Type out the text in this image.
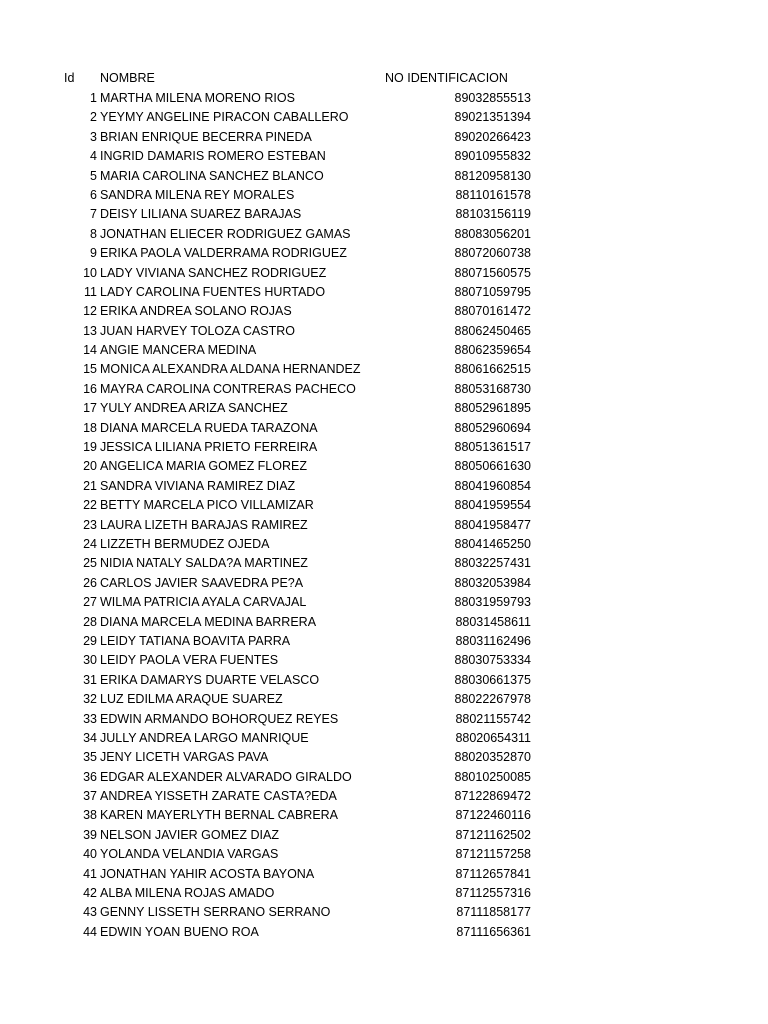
Id NOMBRE	NO IDENTIFICACION
1 MARTHA MILENA MORENO RIOS	89032855513
2 YEYMY ANGELINE PIRACON CABALLERO	89021351394
3 BRIAN ENRIQUE BECERRA PINEDA	89020266423
4 INGRID DAMARIS ROMERO ESTEBAN	89010955832
5 MARIA CAROLINA SANCHEZ BLANCO	88120958130
6 SANDRA MILENA REY MORALES	88110161578
7 DEISY LILIANA SUAREZ BARAJAS	88103156119
8 JONATHAN ELIECER RODRIGUEZ GAMAS	88083056201
9 ERIKA PAOLA VALDERRAMA RODRIGUEZ	88072060738
10 LADY VIVIANA SANCHEZ RODRIGUEZ	88071560575
11 LADY CAROLINA FUENTES HURTADO	88071059795
12 ERIKA ANDREA SOLANO ROJAS	88070161472
13 JUAN HARVEY TOLOZA CASTRO	88062450465
14 ANGIE MANCERA MEDINA	88062359654
15 MONICA ALEXANDRA ALDANA HERNANDEZ	88061662515
16 MAYRA CAROLINA CONTRERAS PACHECO	88053168730
17 YULY ANDREA ARIZA SANCHEZ	88052961895
18 DIANA MARCELA RUEDA TARAZONA	88052960694
19 JESSICA LILIANA PRIETO FERREIRA	88051361517
20 ANGELICA MARIA GOMEZ FLOREZ	88050661630
21 SANDRA VIVIANA RAMIREZ DIAZ	88041960854
22 BETTY MARCELA PICO VILLAMIZAR	88041959554
23 LAURA LIZETH BARAJAS RAMIREZ	88041958477
24 LIZZETH BERMUDEZ OJEDA	88041465250
25 NIDIA NATALY SALDA?A MARTINEZ	88032257431
26 CARLOS JAVIER SAAVEDRA PE?A	88032053984
27 WILMA PATRICIA AYALA CARVAJAL	88031959793
28 DIANA MARCELA MEDINA BARRERA	88031458611
29 LEIDY TATIANA BOAVITA PARRA	88031162496
30 LEIDY PAOLA VERA FUENTES	88030753334
31 ERIKA DAMARYS DUARTE VELASCO	88030661375
32 LUZ EDILMA ARAQUE SUAREZ	88022267978
33 EDWIN ARMANDO BOHORQUEZ REYES	88021155742
34 JULLY ANDREA LARGO MANRIQUE	88020654311
35 JENY LICETH VARGAS PAVA	88020352870
36 EDGAR ALEXANDER ALVARADO GIRALDO	88010250085
37 ANDREA YISSETH ZARATE CASTA?EDA	87122869472
38 KAREN MAYERLYTH BERNAL CABRERA	87122460116
39 NELSON JAVIER GOMEZ DIAZ	87121162502
40 YOLANDA VELANDIA VARGAS	87121157258
41 JONATHAN YAHIR ACOSTA BAYONA	87112657841
42 ALBA MILENA ROJAS AMADO	87112557316
43 GENNY LISSETH SERRANO SERRANO	87111858177
44 EDWIN YOAN BUENO ROA	87111656361
